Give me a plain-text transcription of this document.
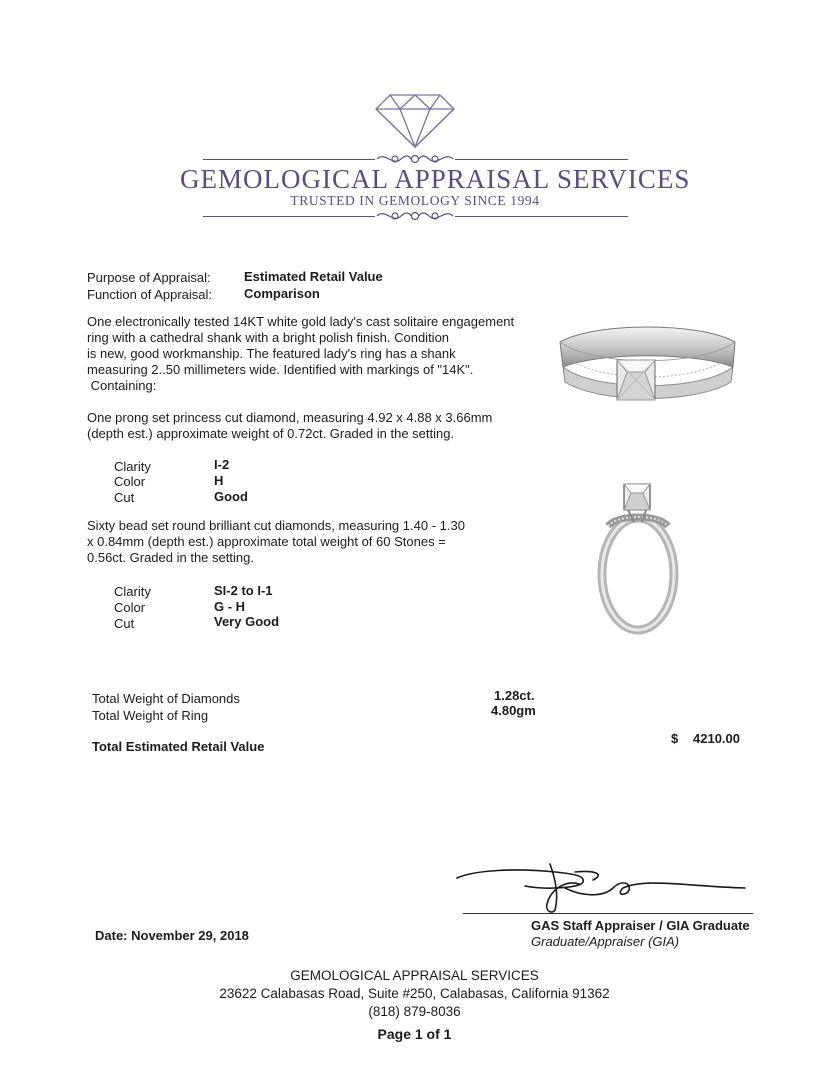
GEMOLOGICAL APPRAISAL SERVICES
TRUSTED IN GEMOLOGY SINCE 1994
Purpose of Appraisal:	Estimated Retail Value
Function of Appraisal: Comparison
One electronically tested 14KT white gold lady's cast solitaire engagement
ring with a cathedral shank with a bright polish finish. Condition
is new, good workmanship. The featured lady's ring has a shank
measuring 2..50 millimeters wide. Identified with markings of "14K".
Containing:
One prong set princess cut diamond, measuring 4.92 x 4.88 x 3.66mm
(depth est.) approximate weight of 0.72ct. Graded in the setting.
Clarity	I-2
Color	H
Cut	Good
Sixty bead set round brilliant cut diamonds, measuring 1.40 - 1.30
x 0.84mm (depth est.) approximate total weight of 60 Stones =
0.56ct. Graded in the setting.
Clarity	SI-2 to I-1
Color	G - H
Cut	Very Good
Total Weight of Diamonds	1.28ct.
Total Weight of Ring	4.80gm
Total Estimated Retail Value
$ 4210.00
Date: November 29, 2018
GAS Staff Appraiser / GIA Graduate
Graduate/Appraiser (GIA)
GEMOLOGICAL APPRAISAL SERVICES
23622 Calabasas Road, Suite #250, Calabasas, California 91362
(818) 879-8036
Page 1 of 1
